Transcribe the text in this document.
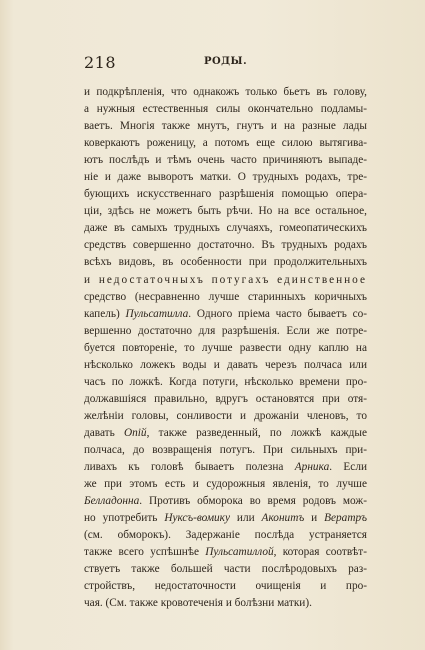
218	РОДЫ.
и подкрѣпленія, что однакожъ только бьетъ въ голову,
а нужныя естественныя силы окончательно подламы-
ваетъ. Многія также мнутъ, гнутъ и на разные лады
коверкаютъ роженицу, а потомъ еще силою вытягива-
ютъ послѣдъ и тѣмъ очень часто причиняютъ выпаде-
ніе и даже выворотъ матки. О трудныхъ родахъ, тре-
бующихъ искусственнаго разрѣшенія помощью опера-
ціи, здѣсь не можетъ быть рѣчи. Но на все остальное,
даже въ самыхъ трудныхъ случаяхъ, гомеопатическихъ
средствъ совершенно достаточно. Въ трудныхъ родахъ
всѣхъ видовъ, въ особенности при продолжительныхъ
и недостаточныхъ потугахъ единственное
средство (несравненно лучше старинныхъ коричныхъ
капель) Пульсатилла. Одного пріема часто бываетъ со-
вершенно достаточно для разрѣшенія. Если же потре-
буется повтореніе, то лучше развести одну каплю на
нѣсколько ложекъ воды и давать черезъ полчаса или
часъ по ложкѣ. Когда потуги, нѣсколько времени про-
должавшіяся правильно, вдругъ остановятся при отя-
желѣніи головы, сонливости и дрожаніи членовъ, то
давать Опій, также разведенный, по ложкѣ каждые
полчаса, до возвращенія потугъ. При сильныхъ при-
ливахъ къ головѣ бываетъ полезна Арника. Если
же при этомъ есть и судорожныя явленія, то лучше
Белладонна. Противъ обморока во время родовъ мож-
но употребить Нуксъ-вомику или Аконитъ и Вератръ
(см. обморокъ). Задержаніе послѣда устраняется
также всего успѣшнѣе Пульсатиллой, которая соотвѣт-
ствуетъ также большей части послѣродовыхъ раз-
стройствъ, недостаточности очищенія и про-
чая. (См. также кровотеченія и болѣзни матки).
